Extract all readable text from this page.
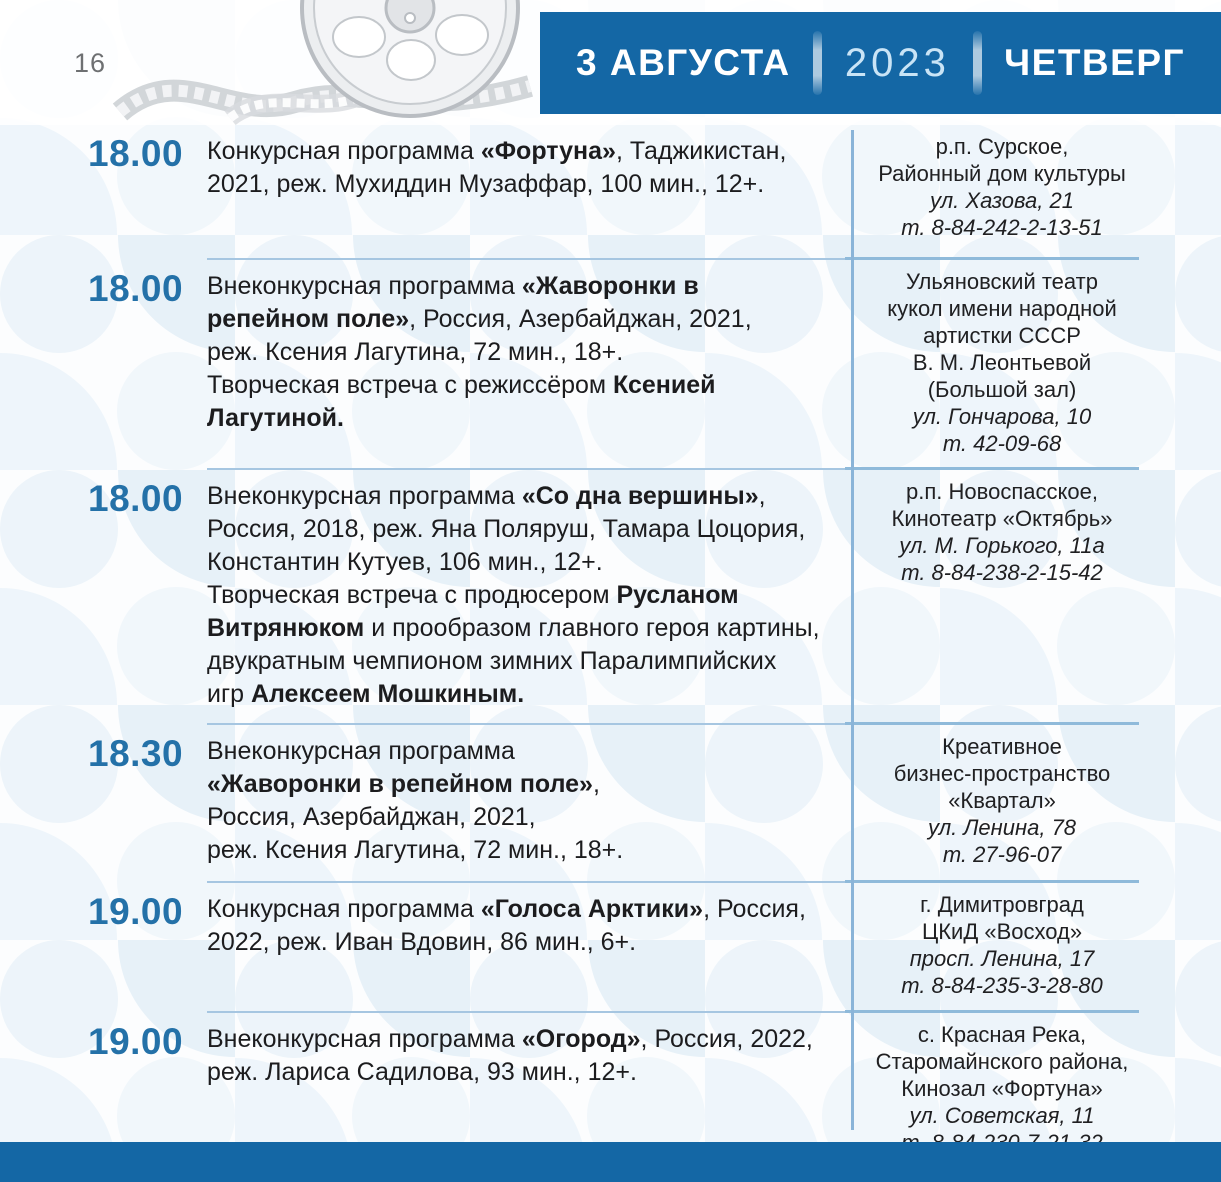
16	3 АВГУСТА 2023 ЧЕТВЕРГ
18.00 Конкурсная программа «Фортуна», Таджикистан,
2021, реж. Мухиддин Музаффар, 100 мин., 12+.
р.п. Сурское,
Районный дом культуры
ул. Хазова, 21
т. 8-84-242-2-13-51
18.00 Внеконкурсная программа «Жаворонки в
репейном поле», Россия, Азербайджан, 2021,
реж. Ксения Лагутина, 72 мин., 18+.
Творческая встреча с режиссёром Ксенией Лагутиной.
Ульяновский театр
кукол имени народной
артистки СССР
В. М. Леонтьевой
(Большой зал)
ул. Гончарова, 10
т. 42-09-68
18.00 Внеконкурсная программа «Со дна вершины»,
Россия, 2018, реж. Яна Поляруш, Тамара Цоцория,
Константин Кутуев, 106 мин., 12+.
Творческая встреча с продюсером Русланом
Витрянюком и прообразом главного героя картины,
двукратным чемпионом зимних Паралимпийских
игр Алексеем Мошкиным.
р.п. Новоспасское,
Кинотеатр «Октябрь»
ул. М. Горького, 11а
т. 8-84-238-2-15-42
18.30 Внеконкурсная программа
«Жаворонки в репейном поле»,
Россия, Азербайджан, 2021,
реж. Ксения Лагутина, 72 мин., 18+.
Креативное
бизнес-пространство
«Квартал»
ул. Ленина, 78
т. 27-96-07
19.00 Конкурсная программа «Голоса Арктики», Россия,
2022, реж. Иван Вдовин, 86 мин., 6+.
г. Димитровград
ЦКиД «Восход»
просп. Ленина, 17
т. 8-84-235-3-28-80
19.00 Внеконкурсная программа «Огород», Россия, 2022,
реж. Лариса Садилова, 93 мин., 12+.
с. Красная Река,
Старомайнского района,
Кинозал «Фортуна»
ул. Советская, 11
